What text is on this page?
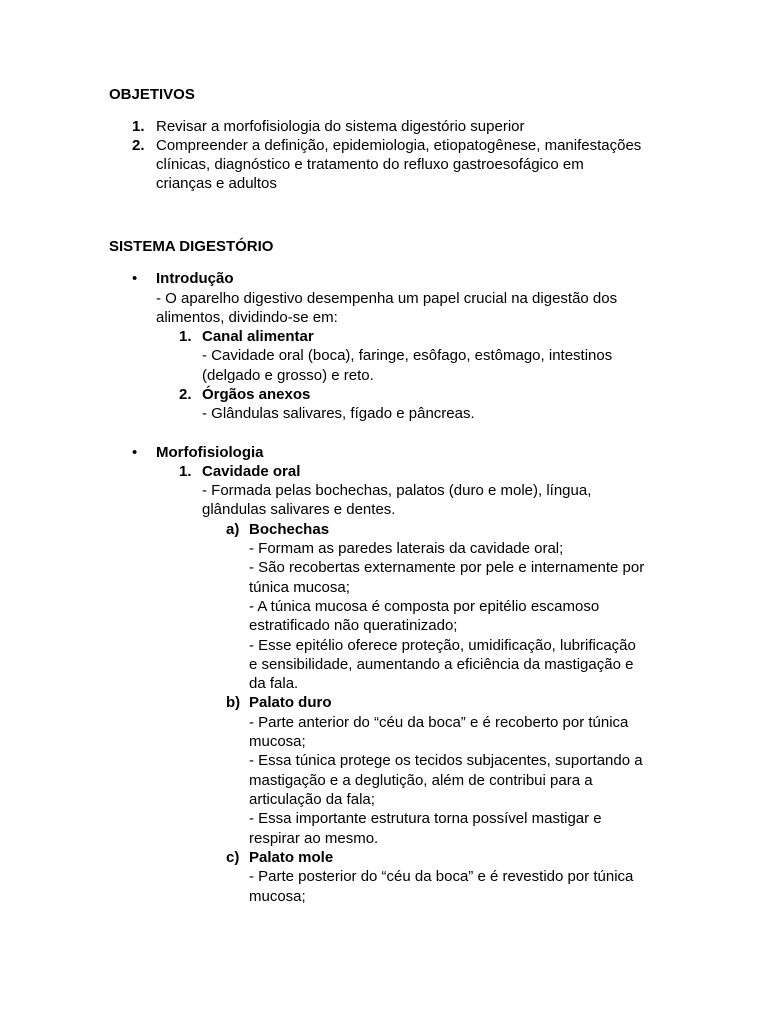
OBJETIVOS
1. Revisar a morfofisiologia do sistema digestório superior
2. Compreender a definição, epidemiologia, etiopatogênese, manifestações
clínicas, diagnóstico e tratamento do refluxo gastroesofágico em
crianças e adultos
SISTEMA DIGESTÓRIO
• Introdução
- O aparelho digestivo desempenha um papel crucial na digestão dos
alimentos, dividindo-se em:
1. Canal alimentar
- Cavidade oral (boca), faringe, esôfago, estômago, intestinos
(delgado e grosso) e reto.
2. Órgãos anexos
- Glândulas salivares, fígado e pâncreas.
• Morfofisiologia
1. Cavidade oral
- Formada pelas bochechas, palatos (duro e mole), língua,
glândulas salivares e dentes.
a) Bochechas
- Formam as paredes laterais da cavidade oral;
- São recobertas externamente por pele e internamente por
túnica mucosa;
- A túnica mucosa é composta por epitélio escamoso
estratificado não queratinizado;
- Esse epitélio oferece proteção, umidificação, lubrificação
e sensibilidade, aumentando a eficiência da mastigação e
da fala.
b) Palato duro
- Parte anterior do “céu da boca” e é recoberto por túnica
mucosa;
- Essa túnica protege os tecidos subjacentes, suportando a
mastigação e a deglutição, além de contribui para a
articulação da fala;
- Essa importante estrutura torna possível mastigar e
respirar ao mesmo.
c) Palato mole
- Parte posterior do “céu da boca” e é revestido por túnica
mucosa;
